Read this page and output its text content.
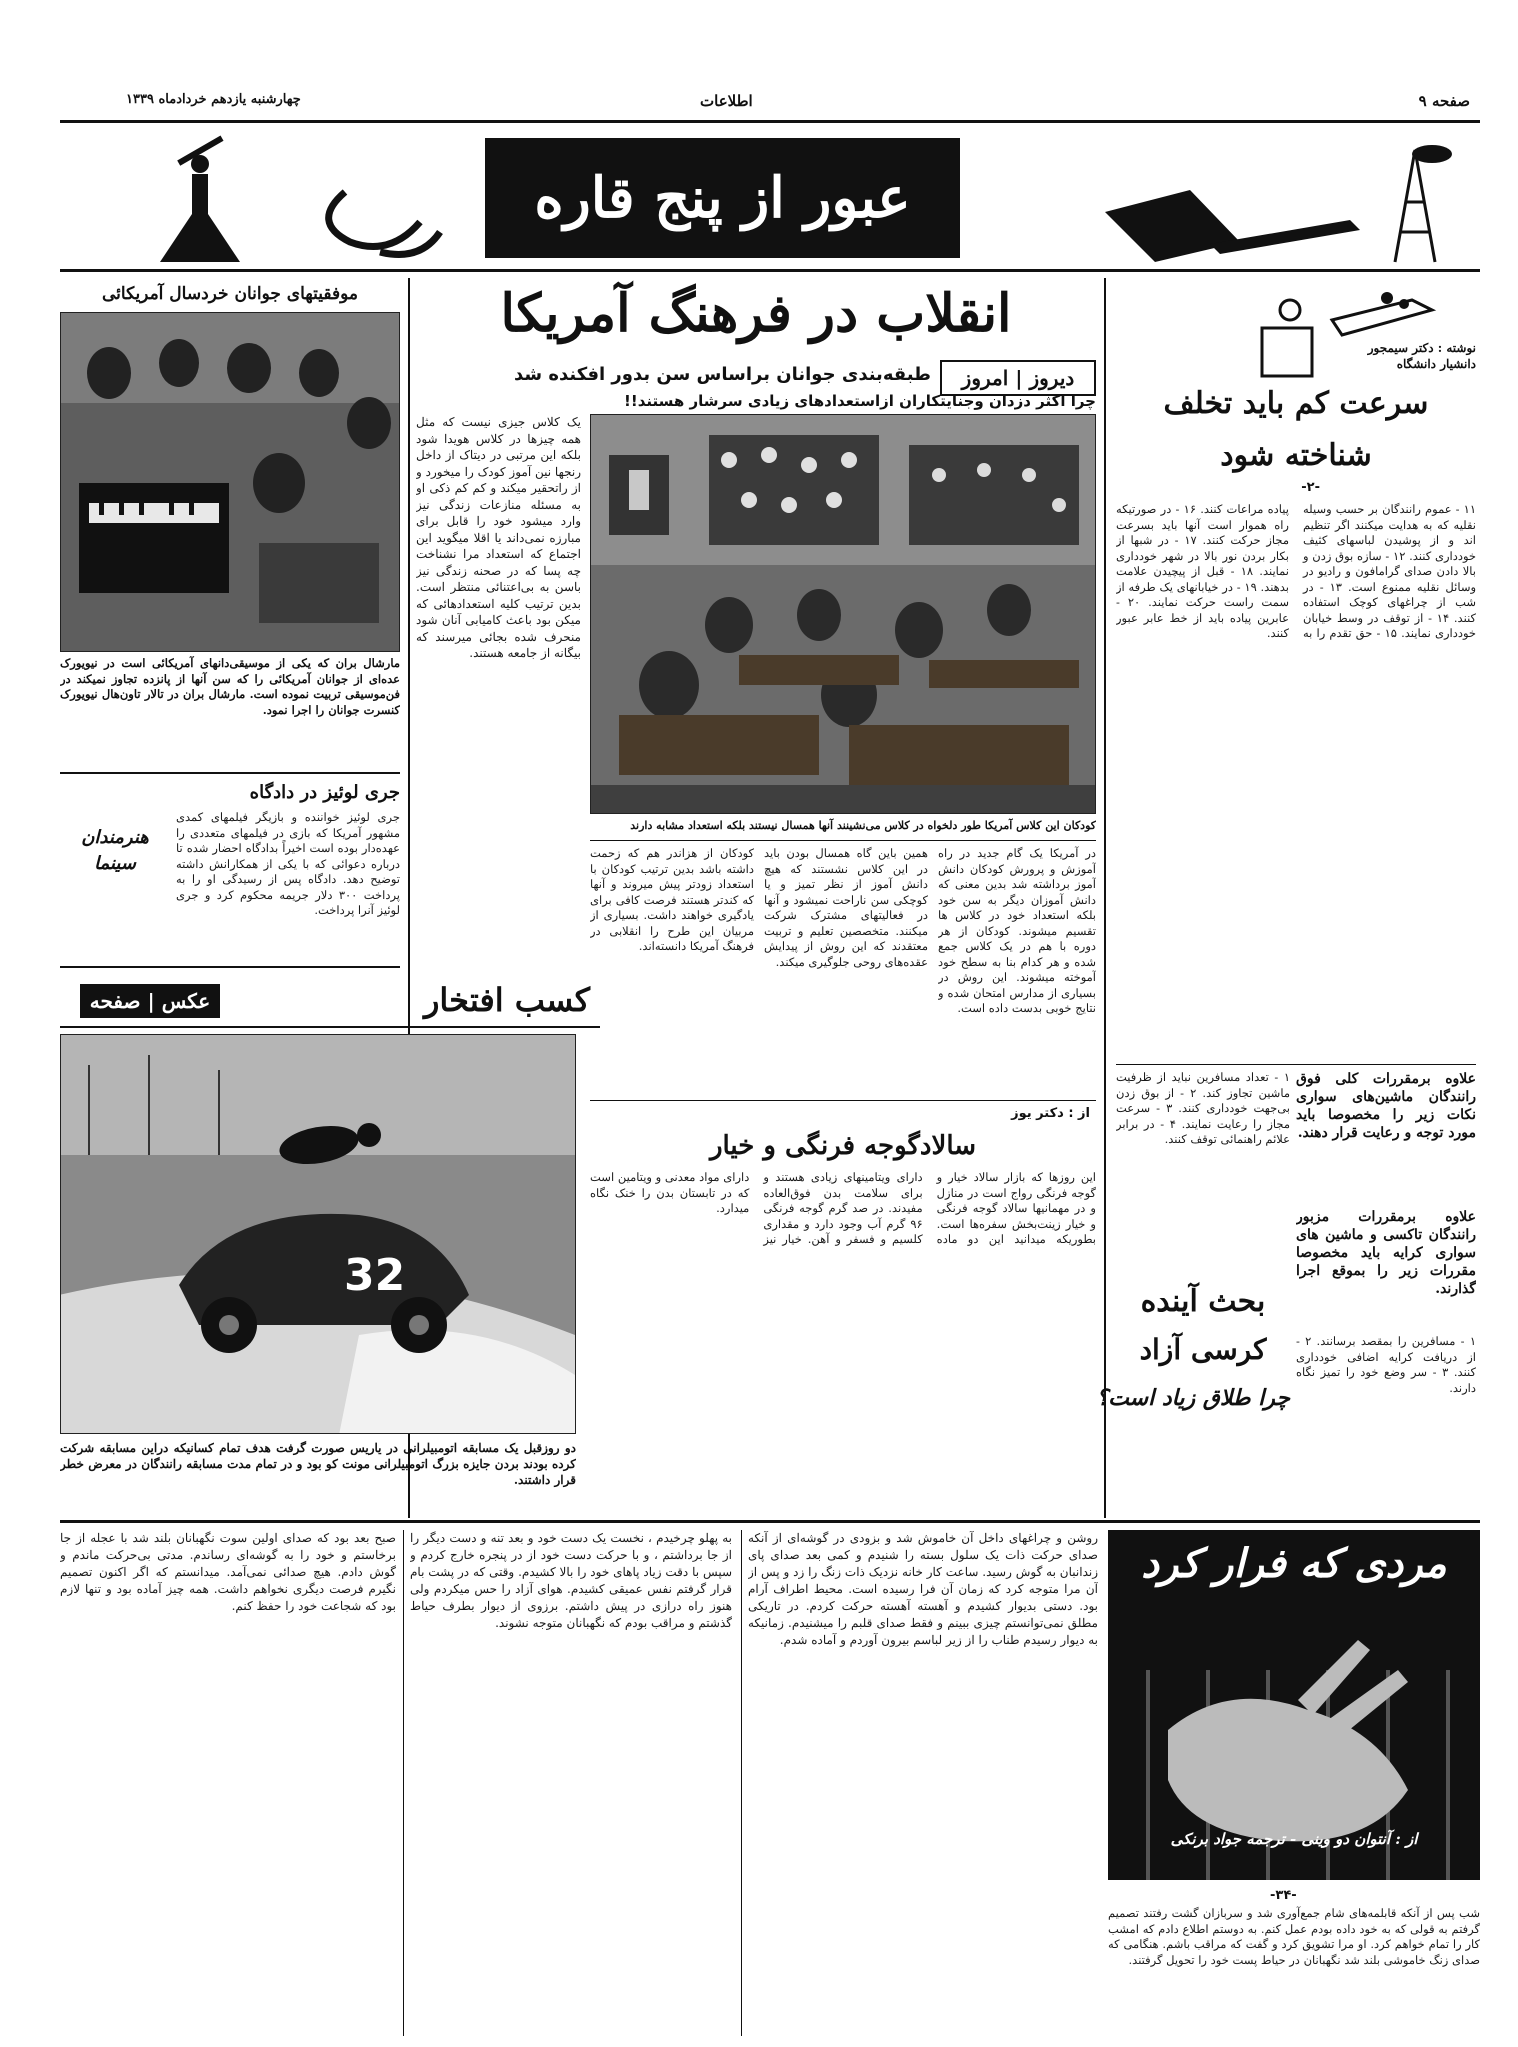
صفحه ۹
اطلاعات
چهارشنبه یازدهم خردادماه ۱۳۳۹
عبور از پنج قاره
نوشته : دکتر سیمجور دانشیار دانشگاه
سرعت کم باید تخلف شناخته شود
-۲-
۱۱ - عموم رانندگان بر حسب وسیله نقلیه که به هدایت میکنند اگر تنظیم اند و از پوشیدن لباسهای کثیف خودداری کنند. ۱۲ - سازه بوق زدن و بالا دادن صدای گرامافون و رادیو در وسائل نقلیه ممنوع است. ۱۳ - در شب از چراغهای کوچک استفاده کنند. ۱۴ - از توقف در وسط خیابان خودداری نمایند. ۱۵ - حق تقدم را به پیاده مراعات کنند. ۱۶ - در صورتیکه راه هموار است آنها باید بسرعت مجاز حرکت کنند. ۱۷ - در شبها از بکار بردن نور بالا در شهر خودداری نمایند. ۱۸ - قبل از پیچیدن علامت بدهند. ۱۹ - در خیابانهای یک طرفه از سمت راست حرکت نمایند. ۲۰ - عابرین پیاده باید از خط عابر عبور کنند.
علاوه برمقررات کلی فوق رانندگان ماشین‌های سواری نکات زیر را مخصوصا باید مورد توجه و رعایت قرار دهند.
۱ - تعداد مسافرین نباید از ظرفیت ماشین تجاوز کند. ۲ - از بوق زدن بی‌جهت خودداری کنند. ۳ - سرعت مجاز را رعایت نمایند. ۴ - در برابر علائم راهنمائی توقف کنند.
علاوه برمقررات مزبور رانندگان تاکسی و ماشین های سواری کرایه باید مخصوصا مقررات زیر را بموقع اجرا گذارند.
۱ - مسافرین را بمقصد برسانند. ۲ - از دریافت کرایه اضافی خودداری کنند. ۳ - سر وضع خود را تمیز نگاه دارند.
بحث آینده
کرسی آزاد
چرا طلاق زیاد است؟
انقلاب در فرهنگ آمریکا
دیروز | امروز
طبقه‌بندی جوانان براساس سن بدور افکنده شد
چرا اکثر دزدان وجنایتکاران ازاستعدادهای زیادی سرشار هستند!!
یک کلاس جیزی نیست که مثل همه چیزها در کلاس هویدا شود بلکه این مرتبی در دیتاک از داخل رنجها نین آموز کودک را میخورد و از راتحقیر میکند و کم کم ذکی او به مسئله منازعات زندگی نیز وارد میشود خود را قابل برای مبارزه نمی‌داند یا اقلا میگوید این اجتماع که استعداد مرا نشناخت چه پسا که در صحنه زندگی نیز باسن به بی‌اعتنائی منتظر است. بدین ترتیب کلیه استعدادهائی که میکن بود باعث کامیابی آنان شود منحرف شده بجائی میرسند که بیگانه از جامعه هستند.
کودکان این کلاس آمریکا طور دلخواه در کلاس می‌نشینند آنها همسال نیستند بلکه استعداد مشابه دارند
در آمریکا یک گام جدید در راه آموزش و پرورش کودکان دانش آموز برداشته شد بدین معنی که دانش آموزان دیگر به سن خود بلکه استعداد خود در کلاس ها تقسیم میشوند. کودکان از هر دوره با هم در یک کلاس جمع شده و هر کدام بنا به سطح خود آموخته میشوند. این روش در بسیاری از مدارس امتحان شده و نتایج خوبی بدست داده است.
همین باین گاه همسال بودن باید در این کلاس نشستند که هیچ دانش آموز از نظر تمیز و یا کوچکی سن ناراحت نمیشود و آنها در فعالیتهای مشترک شرکت میکنند. متخصصین تعلیم و تربیت معتقدند که این روش از پیدایش عقده‌های روحی جلوگیری میکند.
کودکان از هزاندر هم که زحمت داشته باشد بدین ترتیب کودکان با استعداد زودتر پیش میروند و آنها که کندتر هستند فرصت کافی برای یادگیری خواهند داشت. بسیاری از مربیان این طرح را انقلابی در فرهنگ آمریکا دانسته‌اند.
موفقیتهای جوانان خردسال آمریکائی
مارشال بران که یکی از موسیقی‌دانهای آمریکائی است در نیویورک عده‌ای از جوانان آمریکائی را که سن آنها از پانزده تجاوز نمیکند در فن‌موسیقی تربیت نموده است. مارشال بران در تالار تاون‌هال نیویورک کنسرت جوانان را اجرا نمود.
جری لوئیز در دادگاه
هنرمندان سینما
جری لوئیز خواننده و بازیگر فیلمهای کمدی مشهور آمریکا که بازی در فیلمهای متعددی را عهده‌دار بوده است اخیراً بدادگاه احضار شده تا درباره دعوائی که با یکی از همکارانش داشته توضیح دهد. دادگاه پس از رسیدگی او را به پرداخت ۳۰۰ دلار جریمه محکوم کرد و جری لوئیز آنرا پرداخت.
کسب افتخار
عکس | صفحه
32
دو روزقبل یک مسابقه اتومبیلرانی در یاریس صورت گرفت هدف تمام کسانیکه دراین مسابقه شرکت کرده بودند بردن جایزه بزرگ اتومبیلرانی مونت کو بود و در تمام مدت مسابقه رانندگان در معرض خطر قرار داشتند.
از : دکتر یوز
سالادگوجه فرنگی و خیار
این روزها که بازار سالاد خیار و گوجه فرنگی رواج است در منازل و در مهمانیها سالاد گوجه فرنگی و خیار زینت‌بخش سفره‌ها است. بطوریکه میدانید این دو ماده دارای ویتامینهای زیادی هستند و برای سلامت بدن فوق‌العاده مفیدند. در صد گرم گوجه فرنگی ۹۶ گرم آب وجود دارد و مقداری کلسیم و فسفر و آهن. خیار نیز دارای مواد معدنی و ویتامین است که در تابستان بدن را خنک نگاه میدارد.
مردی که فرار کرد
از : آنتوان دو وینی - ترجمه جواد برنکی
-۳۴-
شب پس از آنکه قابلمه‌های شام جمع‌آوری شد و سربازان گشت رفتند تصمیم گرفتم به قولی که به خود داده بودم عمل کنم. به دوستم اطلاع دادم که امشب کار را تمام خواهم کرد. او مرا تشویق کرد و گفت که مراقب باشم. هنگامی که صدای زنگ خاموشی بلند شد نگهبانان در حیاط پست خود را تحویل گرفتند.
روشن و چراغهای داخل آن خاموش شد و بزودی در گوشه‌ای از آنکه صدای حرکت ذات یک سلول بسته را شنیدم و کمی بعد صدای پای زندانبان به گوش رسید. ساعت کار خانه نزدیک ذات زنگ را زد و پس از آن مرا متوجه کرد که زمان آن فرا رسیده است. محیط اطراف آرام بود. دستی بدیوار کشیدم و آهسته آهسته حرکت کردم. در تاریکی مطلق نمی‌توانستم چیزی ببینم و فقط صدای قلبم را میشنیدم. زمانیکه به دیوار رسیدم طناب را از زیر لباسم بیرون آوردم و آماده شدم.
به پهلو چرخیدم ، نخست یک دست خود و بعد تنه و دست دیگر را از جا برداشتم ، و با حرکت دست خود از در پنجره خارج کردم و سپس با دقت زیاد پاهای خود را بالا کشیدم. وقتی که در پشت بام قرار گرفتم نفس عمیقی کشیدم. هوای آزاد را حس میکردم ولی هنوز راه درازی در پیش داشتم. برزوی از دیوار بطرف حیاط گذشتم و مراقب بودم که نگهبانان متوجه نشوند.
صبح بعد بود که صدای اولین سوت نگهبانان بلند شد با عجله از جا برخاستم و خود را به گوشه‌ای رساندم. مدتی بی‌حرکت ماندم و گوش دادم. هیچ صدائی نمی‌آمد. میدانستم که اگر اکنون تصمیم نگیرم فرصت دیگری نخواهم داشت. همه چیز آماده بود و تنها لازم بود که شجاعت خود را حفظ کنم.
